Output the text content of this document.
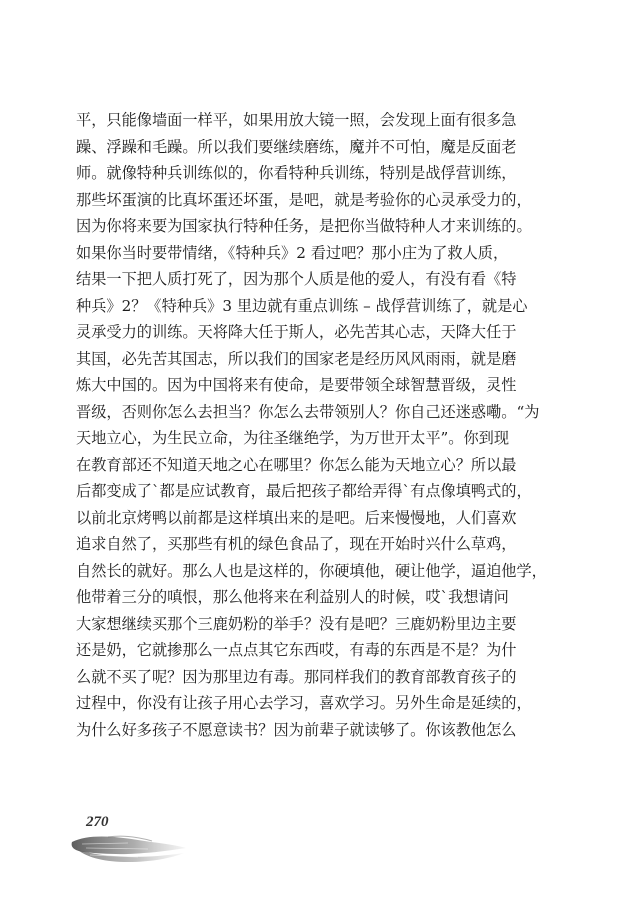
平，只能像墙面一样平，如果用放大镜一照，会发现上面有很多急
躁、浮躁和毛躁。所以我们要继续磨练，魔并不可怕，魔是反面老
师。就像特种兵训练似的，你看特种兵训练，特别是战俘营训练，
那些坏蛋演的比真坏蛋还坏蛋，是吧，就是考验你的心灵承受力的，
因为你将来要为国家执行特种任务，是把你当做特种人才来训练的。
如果你当时要带情绪，《特种兵》2 看过吧？那小庄为了救人质，
结果一下把人质打死了，因为那个人质是他的爱人，有没有看《特
种兵》2？《特种兵》3 里边就有重点训练 – 战俘营训练了，就是心
灵承受力的训练。天将降大任于斯人，必先苦其心志，天降大任于
其国，必先苦其国志，所以我们的国家老是经历风风雨雨，就是磨
炼大中国的。因为中国将来有使命，是要带领全球智慧晋级，灵性
晋级，否则你怎么去担当？你怎么去带领别人？你自己还迷惑嘞。“为
天地立心，为生民立命，为往圣继绝学，为万世开太平”。你到现
在教育部还不知道天地之心在哪里？你怎么能为天地立心？所以最
后都变成了ˋ都是应试教育，最后把孩子都给弄得ˋ有点像填鸭式的，
以前北京烤鸭以前都是这样填出来的是吧。后来慢慢地，人们喜欢
追求自然了，买那些有机的绿色食品了，现在开始时兴什么草鸡，
自然长的就好。那么人也是这样的，你硬填他，硬让他学，逼迫他学，
他带着三分的嗔恨，那么他将来在利益别人的时候，哎ˋ我想请问
大家想继续买那个三鹿奶粉的举手？没有是吧？三鹿奶粉里边主要
还是奶，它就掺那么一点点其它东西哎，有毒的东西是不是？为什
么就不买了呢？因为那里边有毒。那同样我们的教育部教育孩子的
过程中，你没有让孩子用心去学习，喜欢学习。另外生命是延续的，
为什么好多孩子不愿意读书？因为前辈子就读够了。你该教他怎么
270
